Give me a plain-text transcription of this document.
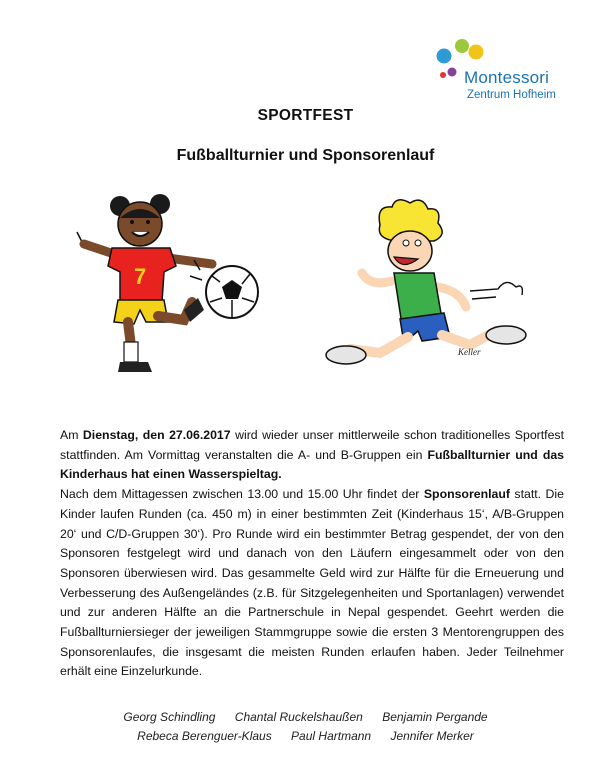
Montessori
Zentrum Hofheim
SPORTFEST
Fußballturnier und Sponsorenlauf
7
Keller

Am Dienstag, den 27.06.2017 wird wieder unser mittlerweile schon traditionelles Sportfest stattfinden. Am Vormittag veranstalten die A- und B-Gruppen ein Fußballturnier und das Kinderhaus hat einen Wasserspieltag.

Nach dem Mittagessen zwischen 13.00 und 15.00 Uhr findet der Sponsorenlauf statt. Die Kinder laufen Runden (ca. 450 m) in einer bestimmten Zeit (Kinderhaus 15‘, A/B-Gruppen 20‘ und C/D-Gruppen 30‘). Pro Runde wird ein bestimmter Betrag gespendet, der von den Sponsoren festgelegt wird und danach von den Läufern eingesammelt oder von den Sponsoren überwiesen wird. Das gesammelte Geld wird zur Hälfte für die Erneuerung und Verbesserung des Außengeländes (z.B. für Sitzgelegenheiten und Sportanlagen) verwendet und zur anderen Hälfte an die Partnerschule in Nepal gespendet. Geehrt werden die Fußballturniersieger der jeweiligen Stammgruppe sowie die ersten 3 Mentorengruppen des Sponsorenlaufes, die insgesamt die meisten Runden erlaufen haben. Jeder Teilnehmer erhält eine Einzelurkunde.

Georg Schindling Chantal Ruckelshaußen Benjamin Pergande
Rebeca Berenguer-Klaus Paul Hartmann Jennifer Merker
